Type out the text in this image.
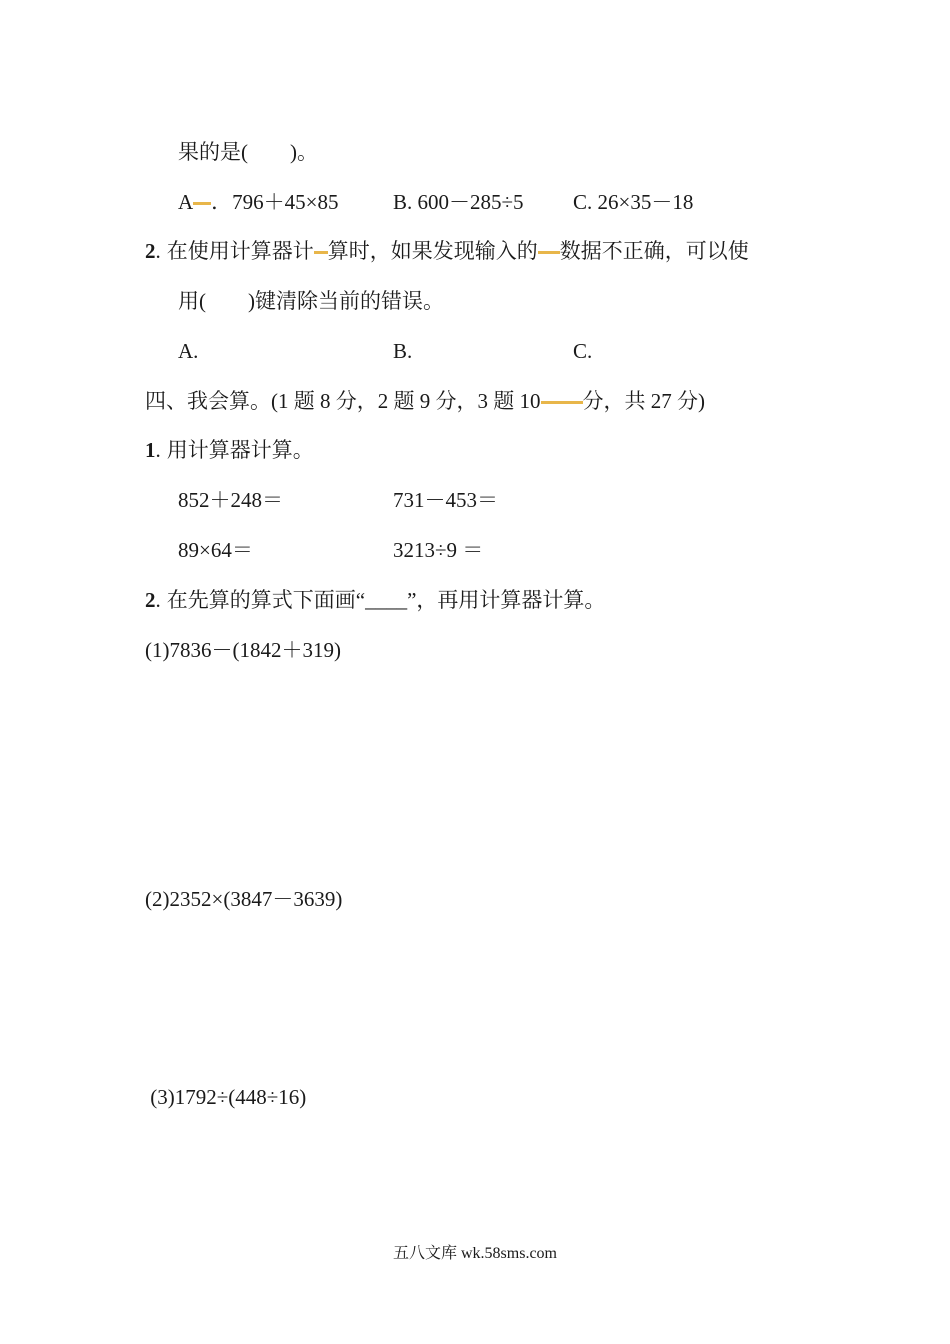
果的是(　　)。
A ．796＋45×85	B. 600－285÷5 C. 26×35－18
2. 在使用计算器计 算时，如果发现输入的 数据不正确，可以使
用(　　)键清除当前的错误。
A.	B.	C.
四、我会算。(1 题 8 分，2 题 9 分，3 题 10 分，共 27 分)
1. 用计算器计算。
852＋248＝	731－453＝
89×64＝	3213÷9 ＝
2. 在先算的算式下面画“____”，再用计算器计算。
(1)7836－(1842＋319)
(2)2352×(3847－3639)
(3)1792÷(448÷16)
五八文库 wk.58sms.com
